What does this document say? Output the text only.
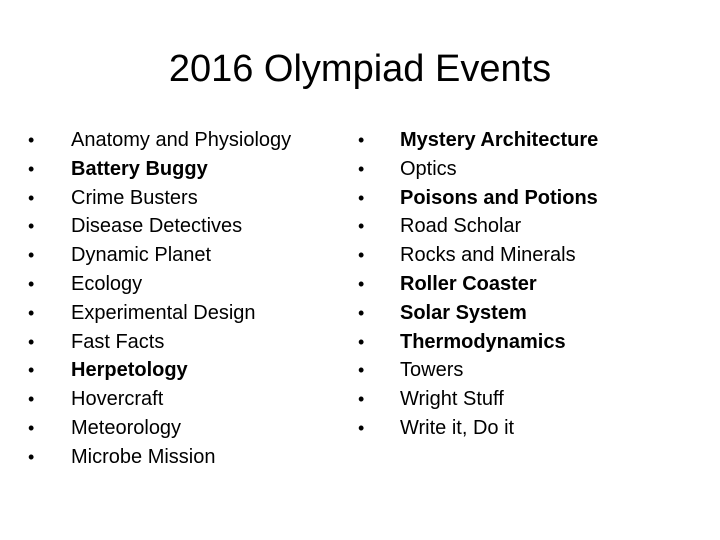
2016 Olympiad Events
• Anatomy and Physiology
• Battery Buggy
• Crime Busters
• Disease Detectives
• Dynamic Planet
• Ecology
• Experimental Design
• Fast Facts
• Herpetology
• Hovercraft
• Meteorology
• Microbe Mission
• Mystery Architecture
• Optics
• Poisons and Potions
• Road Scholar
• Rocks and Minerals
• Roller Coaster
• Solar System
• Thermodynamics
• Towers
• Wright Stuff
• Write it, Do it
